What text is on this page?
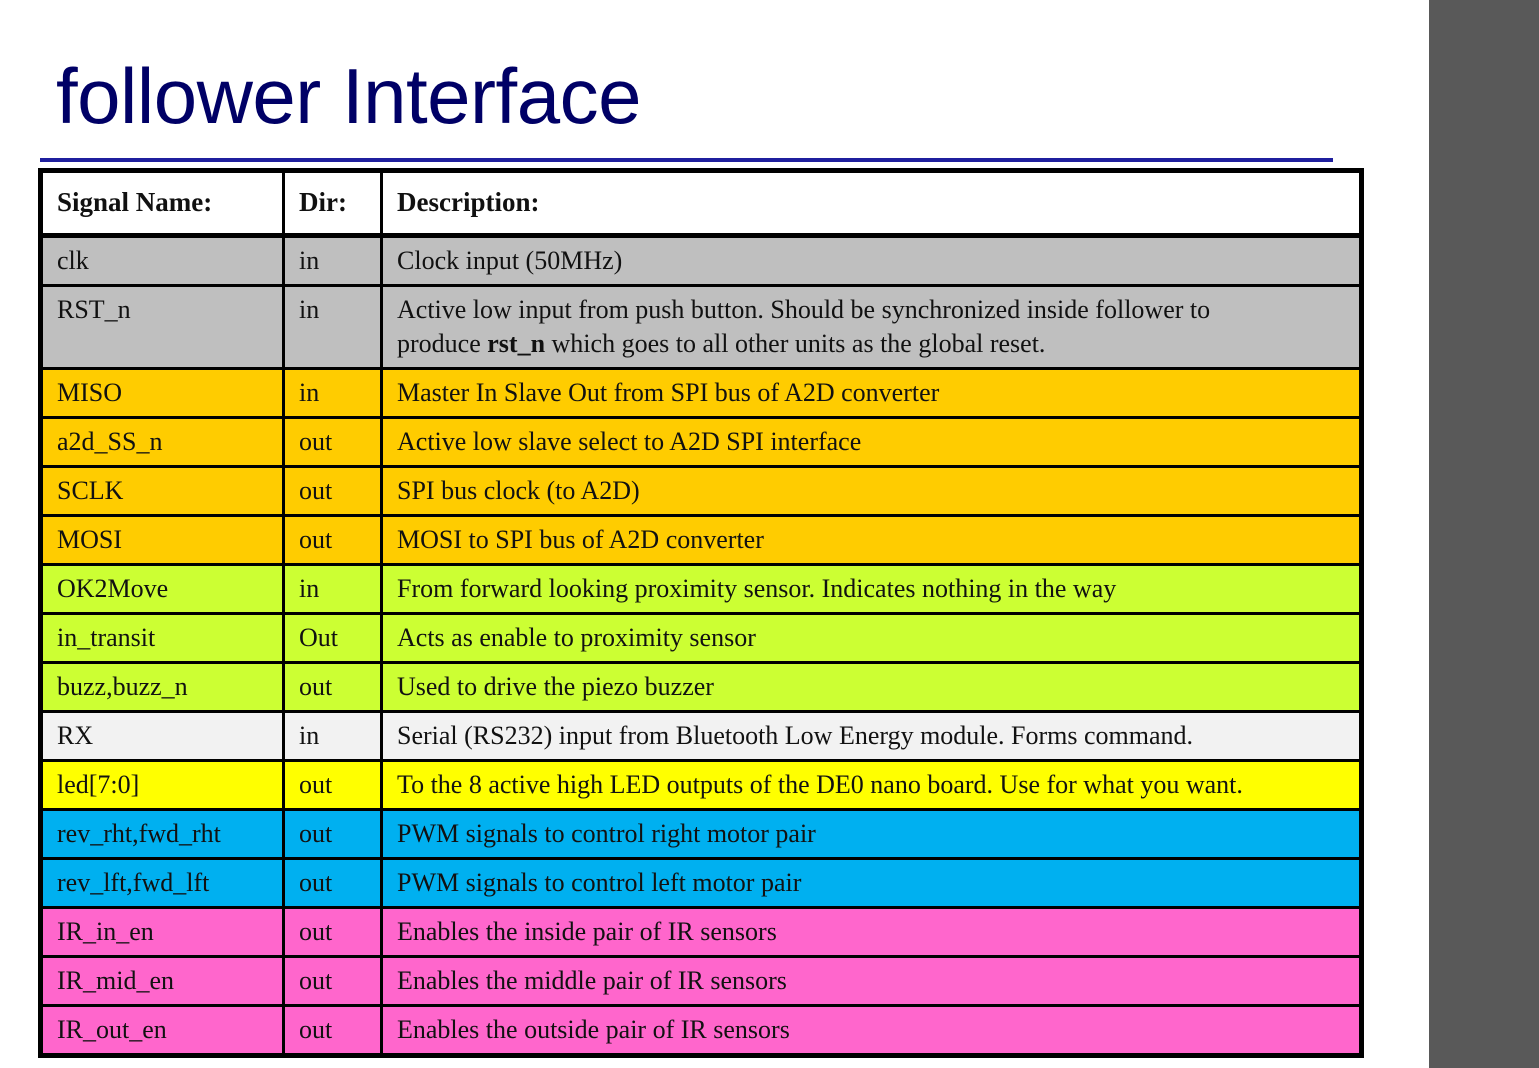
follower Interface
Signal Name:	Dir:	Description:
clk	in	Clock input (50MHz)
RST_n	in	Active low input from push button. Should be synchronized inside follower to
produce rst_n which goes to all other units as the global reset.
MISO	in	Master In Slave Out from SPI bus of A2D converter
a2d_SS_n	out	Active low slave select to A2D SPI interface
SCLK	out	SPI bus clock (to A2D)
MOSI	out	MOSI to SPI bus of A2D converter
OK2Move	in	From forward looking proximity sensor. Indicates nothing in the way
in_transit	Out	Acts as enable to proximity sensor
buzz,buzz_n	out	Used to drive the piezo buzzer
RX	in	Serial (RS232) input from Bluetooth Low Energy module. Forms command.
led[7:0]	out	To the 8 active high LED outputs of the DE0 nano board. Use for what you want.
rev_rht,fwd_rht	out	PWM signals to control right motor pair
rev_lft,fwd_lft	out	PWM signals to control left motor pair
IR_in_en	out	Enables the inside pair of IR sensors
IR_mid_en	out	Enables the middle pair of IR sensors
IR_out_en	out	Enables the outside pair of IR sensors
